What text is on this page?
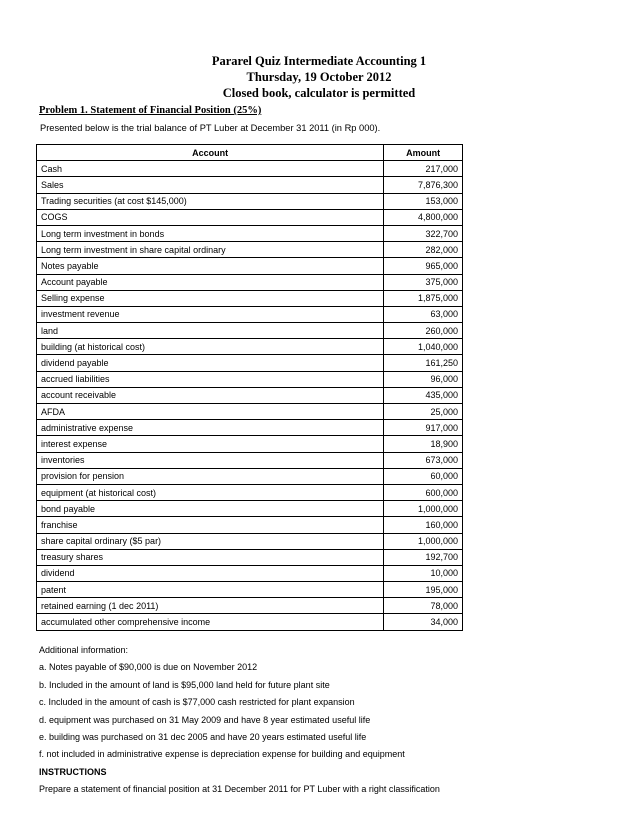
Pararel Quiz Intermediate Accounting 1
Thursday, 19 October 2012
Closed book, calculator is permitted
Problem 1. Statement of Financial Position (25%)
Presented below is the trial balance of PT Luber at December 31 2011 (in Rp 000).
Account	Amount
Cash	217,000
Sales	7,876,300
Trading securities (at cost $145,000)	153,000
COGS	4,800,000
Long term investment in bonds	322,700
Long term investment in share capital ordinary	282,000
Notes payable	965,000
Account payable	375,000
Selling expense	1,875,000
investment revenue	63,000
land	260,000
building (at historical cost)	1,040,000
dividend payable	161,250
accrued liabilities	96,000
account receivable	435,000
AFDA	25,000
administrative expense	917,000
interest expense	18,900
inventories	673,000
provision for pension	60,000
equipment (at historical cost)	600,000
bond payable	1,000,000
franchise	160,000
share capital ordinary ($5 par)	1,000,000
treasury shares	192,700
dividend	10,000
patent	195,000
retained earning (1 dec 2011)	78,000
accumulated other comprehensive income	34,000
Additional information:
a. Notes payable of $90,000 is due on November 2012
b. Included in the amount of land is $95,000 land held for future plant site
c. Included in the amount of cash is $77,000 cash restricted for plant expansion
d. equipment was purchased on 31 May 2009 and have 8 year estimated useful life
e. building was purchased on 31 dec 2005 and have 20 years estimated useful life
f. not included in administrative expense is depreciation expense for building and equipment
INSTRUCTIONS
Prepare a statement of financial position at 31 December 2011 for PT Luber with a right classification
